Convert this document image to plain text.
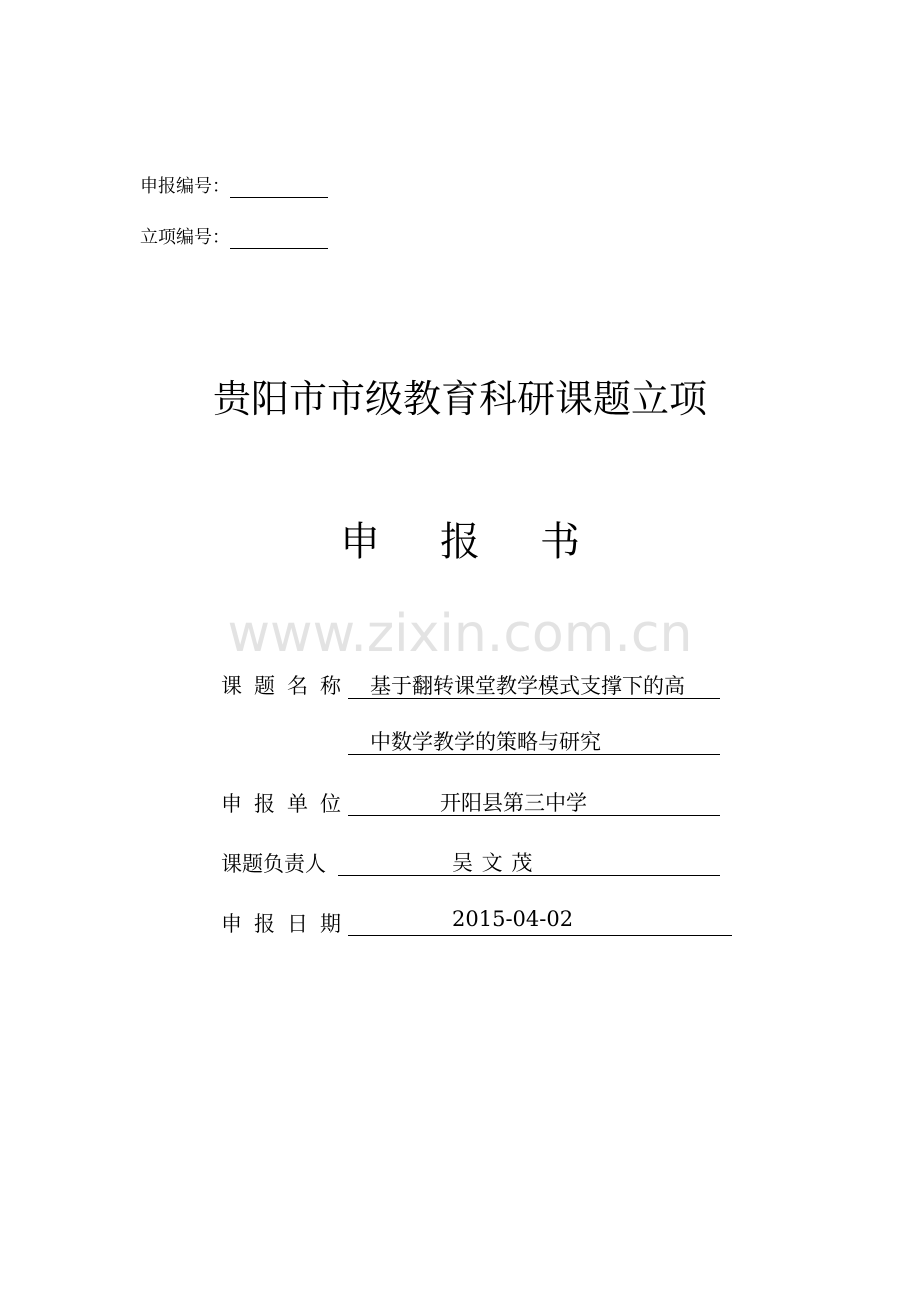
申报编号：
立项编号：
贵阳市市级教育科研课题立项
申报书
www.zixin.com.cn
课题名称 基于翻转课堂教学模式支撑下的高
中数学教学的策略与研究
申报单位	开阳县第三中学
课题负责人	吴 文 茂
申报日期	2015-04-02
